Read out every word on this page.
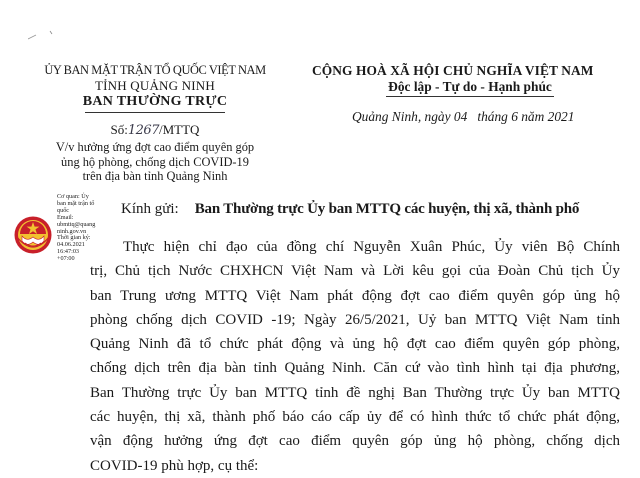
ỦY BAN MẶT TRẬN TỔ QUỐC VIỆT NAM
TỈNH QUẢNG NINH
BAN THƯỜNG TRỰC
Số:1267/MTTQ
V/v hưởng ứng đợt cao điểm quyên góp
ủng hộ phòng, chống dịch COVID-19
trên địa bàn tỉnh Quảng Ninh
CỘNG HOÀ XÃ HỘI CHỦ NGHĨA VIỆT NAM
Độc lập - Tự do - Hạnh phúc
Quảng Ninh, ngày 04   tháng 6 năm 2021
Cơ quan: Ủy
ban mặt trận tổ
quốc
Email:
ubmttq@quang
ninh.gov.vn
Thời gian ký:
04.06.2021
16:47:03
+07:00
Kính gửi: Ban Thường trực Ủy ban MTTQ các huyện, thị xã, thành phố
Thực hiện chỉ đạo của đồng chí Nguyễn Xuân Phúc, Ủy viên Bộ Chính
trị, Chủ tịch Nước CHXHCN Việt Nam và Lời kêu gọi của Đoàn Chủ tịch Ủy
ban Trung ương MTTQ Việt Nam phát động đợt cao điểm quyên góp ủng hộ
phòng chống dịch COVID -19; Ngày 26/5/2021, Uỷ ban MTTQ Việt Nam tỉnh
Quảng Ninh đã tổ chức phát động và ủng hộ đợt cao điểm quyên góp phòng,
chống dịch trên địa bàn tỉnh Quảng Ninh. Căn cứ vào tình hình tại địa phương,
Ban Thường trực Ủy ban MTTQ tỉnh đề nghị Ban Thường trực Ủy ban MTTQ
các huyện, thị xã, thành phố báo cáo cấp ủy để có hình thức tổ chức phát động,
vận động hưởng ứng đợt cao điểm quyên góp ủng hộ phòng, chống dịch
COVID-19 phù hợp, cụ thể:
